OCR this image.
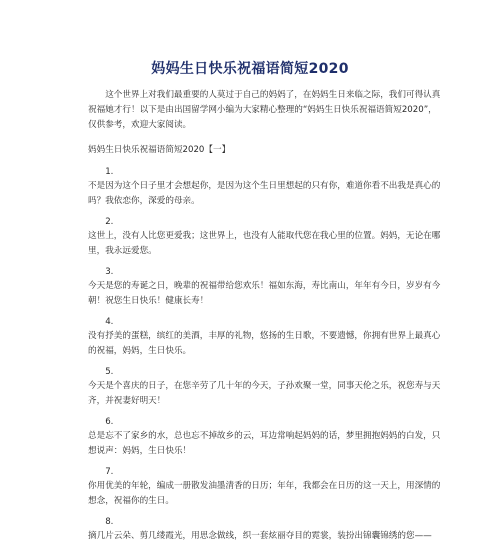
妈妈生日快乐祝福语简短2020

这个世界上对我们最重要的人莫过于自己的妈妈了，在妈妈生日来临之际，我们可得认真祝福她才行！以下是由出国留学网小编为大家精心整理的“妈妈生日快乐祝福语简短2020”，仅供参考，欢迎大家阅读。

妈妈生日快乐祝福语简短2020【一】

1.

不是因为这个日子里才会想起你，是因为这个生日里想起的只有你，难道你看不出我是真心的吗？我依恋你，深爱的母亲。

2.

这世上，没有人比您更爱我；这世界上，也没有人能取代您在我心里的位置。妈妈，无论在哪里，我永远爱您。

3.

今天是您的寿诞之日，晚辈的祝福带给您欢乐！福如东海，寿比南山，年年有今日，岁岁有今朝！祝您生日快乐！健康长寿！

4.

没有抒美的蛋糕，缤红的美酒，丰厚的礼物，悠扬的生日歌，不要遗憾，你拥有世界上最真心的祝福，妈妈，生日快乐。

5.

今天是个喜庆的日子，在您辛劳了几十年的今天，子孙欢聚一堂，同事天伦之乐，祝您寿与天齐，并祝妻好明天！

6.

总是忘不了家乡的水，总也忘不掉故乡的云，耳边常响起妈妈的话，梦里拥抱妈妈的白发，只想说声：妈妈，生日快乐！

7.

你用优美的年轮，编成一册散发油墨清香的日历；年年，我都会在日历的这一天上，用深情的想念，祝福你的生日。

8.

摘几片云朵、剪几缕霞光，用思念做线，织一套炫丽夺目的霓裳，装扮出锦囊锦绣的您——
